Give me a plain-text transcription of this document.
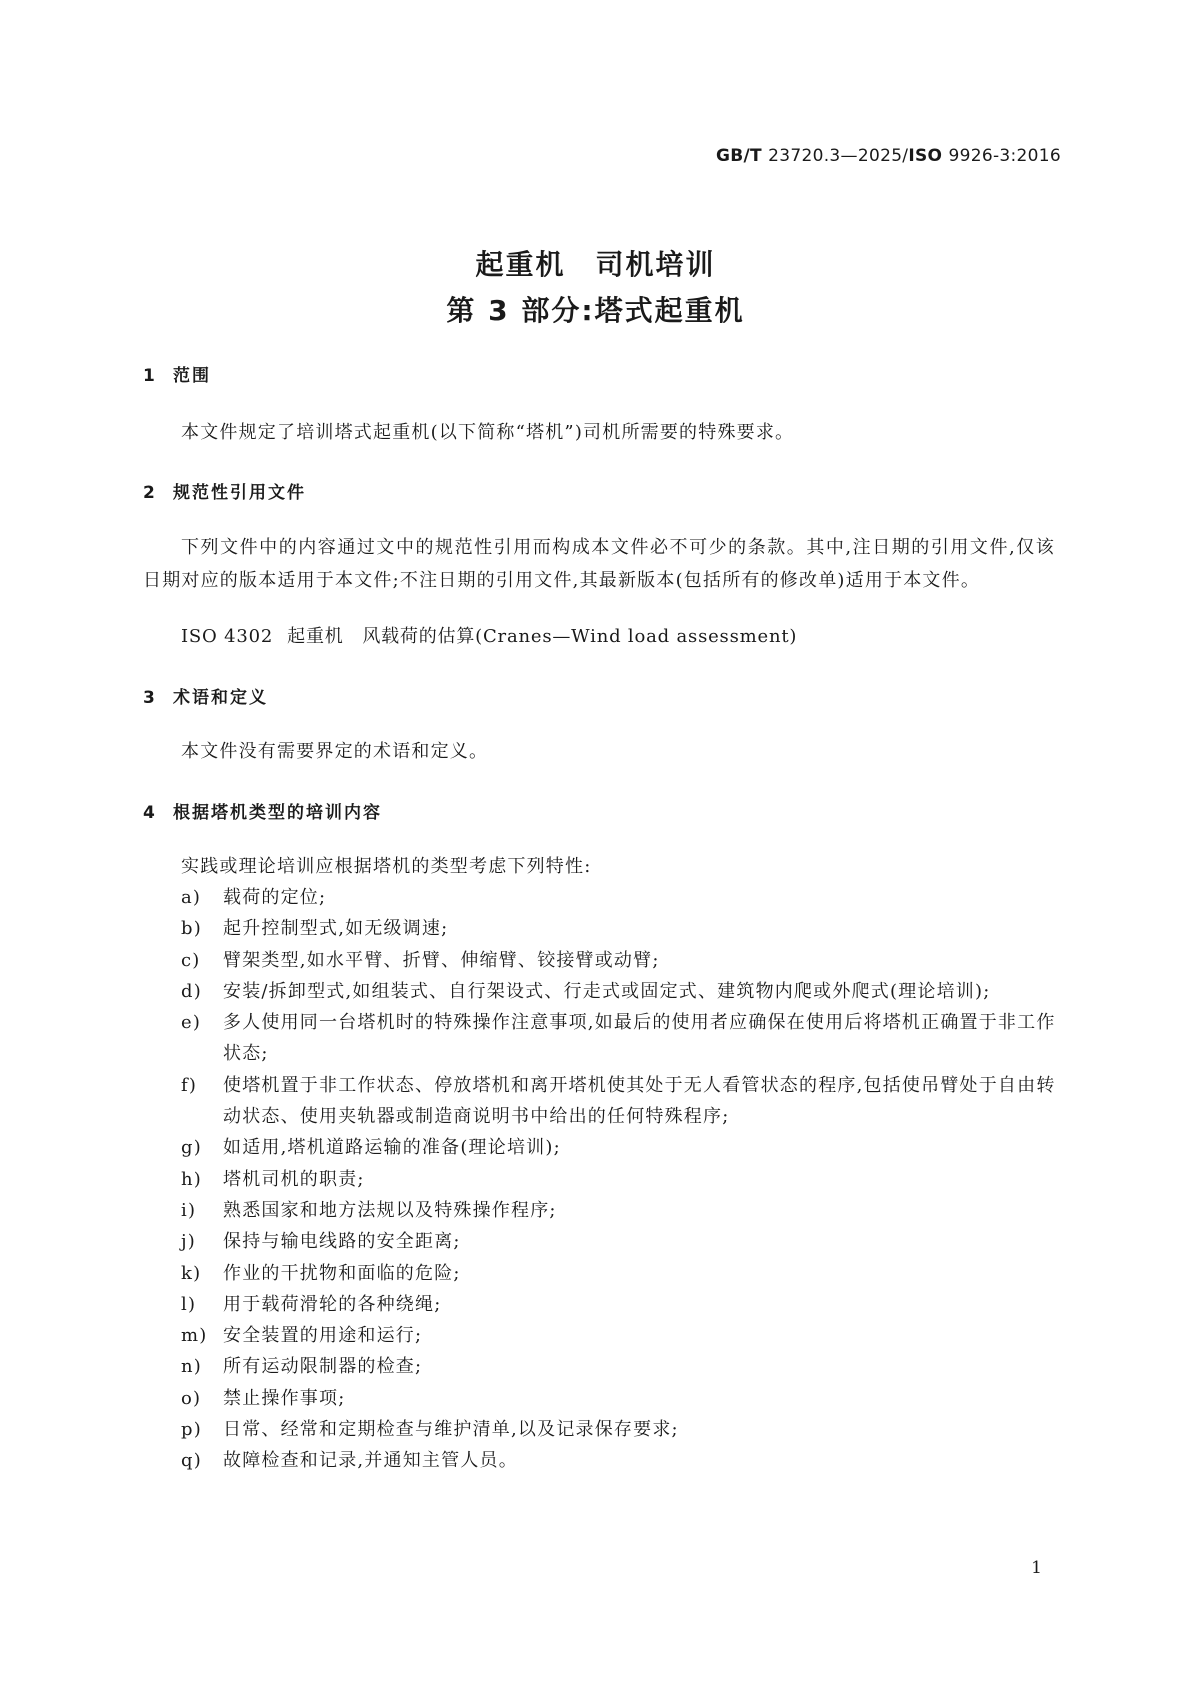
GB/T 23720.3—2025/ISO 9926-3:2016
起重机　司机培训
第 3 部分:塔式起重机
1 范围
本文件规定了培训塔式起重机(以下简称“塔机”)司机所需要的特殊要求。
2 规范性引用文件
下列文件中的内容通过文中的规范性引用而构成本文件必不可少的条款。其中,注日期的引用文件,仅该日期对应的版本适用于本文件;不注日期的引用文件,其最新版本(包括所有的修改单)适用于本文件。
ISO 4302 起重机　风载荷的估算(Cranes—Wind load assessment)
3 术语和定义
本文件没有需要界定的术语和定义。
4 根据塔机类型的培训内容
实践或理论培训应根据塔机的类型考虑下列特性:
a)	载荷的定位;
b)	起升控制型式,如无级调速;
c)	臂架类型,如水平臂、折臂、伸缩臂、铰接臂或动臂;
d)	安装/拆卸型式,如组装式、自行架设式、行走式或固定式、建筑物内爬或外爬式(理论培训);
e)	多人使用同一台塔机时的特殊操作注意事项,如最后的使用者应确保在使用后将塔机正确置于非工作状态;
f)	使塔机置于非工作状态、停放塔机和离开塔机使其处于无人看管状态的程序,包括使吊臂处于自由转动状态、使用夹轨器或制造商说明书中给出的任何特殊程序;
g)	如适用,塔机道路运输的准备(理论培训);
h)	塔机司机的职责;
i)	熟悉国家和地方法规以及特殊操作程序;
j)	保持与输电线路的安全距离;
k)	作业的干扰物和面临的危险;
l)	用于载荷滑轮的各种绕绳;
m) 安全装置的用途和运行;
n)	所有运动限制器的检查;
o)	禁止操作事项;
p)	日常、经常和定期检查与维护清单,以及记录保存要求;
q)	故障检查和记录,并通知主管人员。
1
